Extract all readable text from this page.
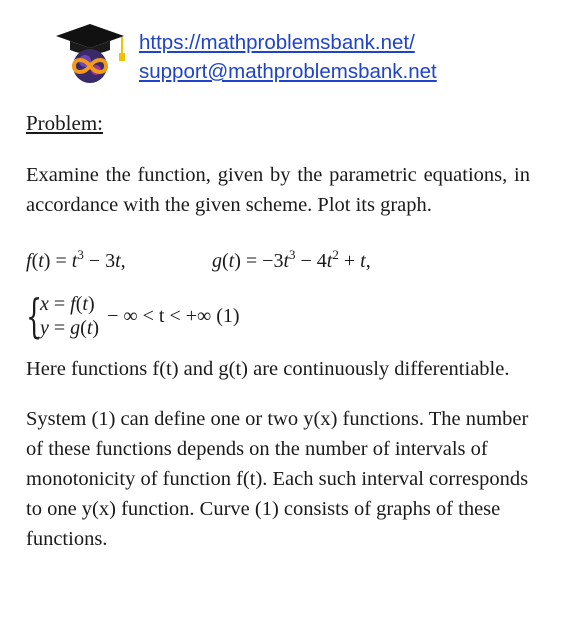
https://mathproblemsbank.net/
support@mathproblemsbank.net

Problem:

Examine the function, given by the parametric equations, in accordance with the given scheme. Plot its graph.

$f(t) = t^3 - 3t$,	$g(t) = -3t^3 - 4t^2 + t$,
{
x = f(t)
y = g(t)
− ∞ < t < +∞ (1)

Here functions f(t) and g(t) are continuously differentiable.

System (1) can define one or two y(x) functions. The number of these functions depends on the number of intervals of monotonicity of function f(t). Each such interval corresponds to one y(x) function. Curve (1) consists of graphs of these functions.
